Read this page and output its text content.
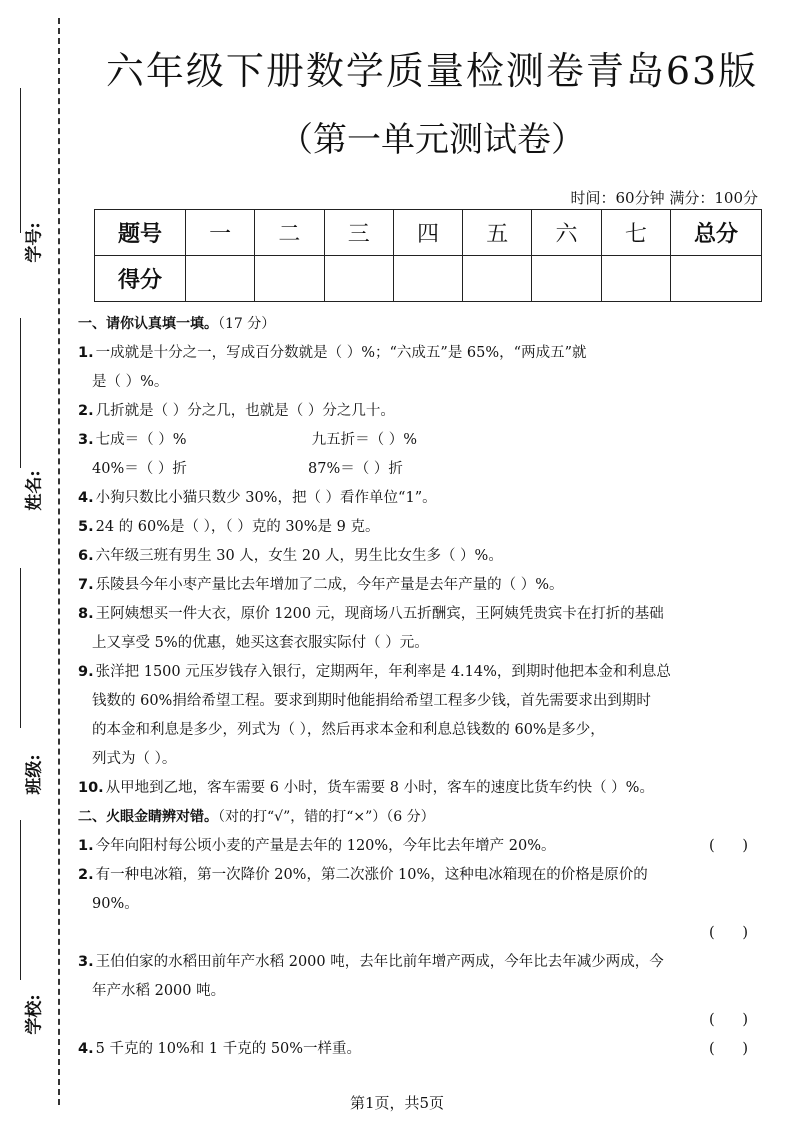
学号:
姓名:
班级:
学校:
六年级下册数学质量检测卷青岛63版
（第一单元测试卷）
时间：60分钟 满分：100分
题号	一	二	三	四	五	六	七	总分
得分								
一、请你认真填一填。（17 分）
1. 一成就是十分之一，写成百分数就是（ ）%；“六成五”是 65%，“两成五”就
是（ ）%。
2. 几折就是（ ）分之几，也就是（ ）分之几十。
3. 七成＝（ ）%	九五折＝（ ）%
40%＝（ ）折	87%＝（ ）折
4. 小狗只数比小猫只数少 30%，把（ ）看作单位“1”。
5. 24 的 60%是（ ），（ ）克的 30%是 9 克。
6. 六年级三班有男生 30 人，女生 20 人，男生比女生多（ ）%。
7. 乐陵县今年小枣产量比去年增加了二成，今年产量是去年产量的（ ）%。
8. 王阿姨想买一件大衣，原价 1200 元，现商场八五折酬宾，王阿姨凭贵宾卡在打折的基础
上又享受 5%的优惠，她买这套衣服实际付（ ）元。
9. 张洋把 1500 元压岁钱存入银行，定期两年，年利率是 4.14%，到期时他把本金和利息总
钱数的 60%捐给希望工程。要求到期时他能捐给希望工程多少钱，首先需要求出到期时
的本金和利息是多少，列式为（ ），然后再求本金和利息总钱数的 60%是多少，
列式为（ ）。
10. 从甲地到乙地，客车需要 6 小时，货车需要 8 小时，客车的速度比货车约快（ ）%。
二、火眼金睛辨对错。（对的打“√”，错的打“×”）（6 分）
1. 今年向阳村每公顷小麦的产量是去年的 120%，今年比去年增产 20%。	(      )
2. 有一种电冰箱，第一次降价 20%，第二次涨价 10%，这种电冰箱现在的价格是原价的
90%。
(      )
3. 王伯伯家的水稻田前年产水稻 2000 吨，去年比前年增产两成，今年比去年减少两成，今
年产水稻 2000 吨。
(      )
4. 5 千克的 10%和 1 千克的 50%一样重。	(      )
第1页，共5页
